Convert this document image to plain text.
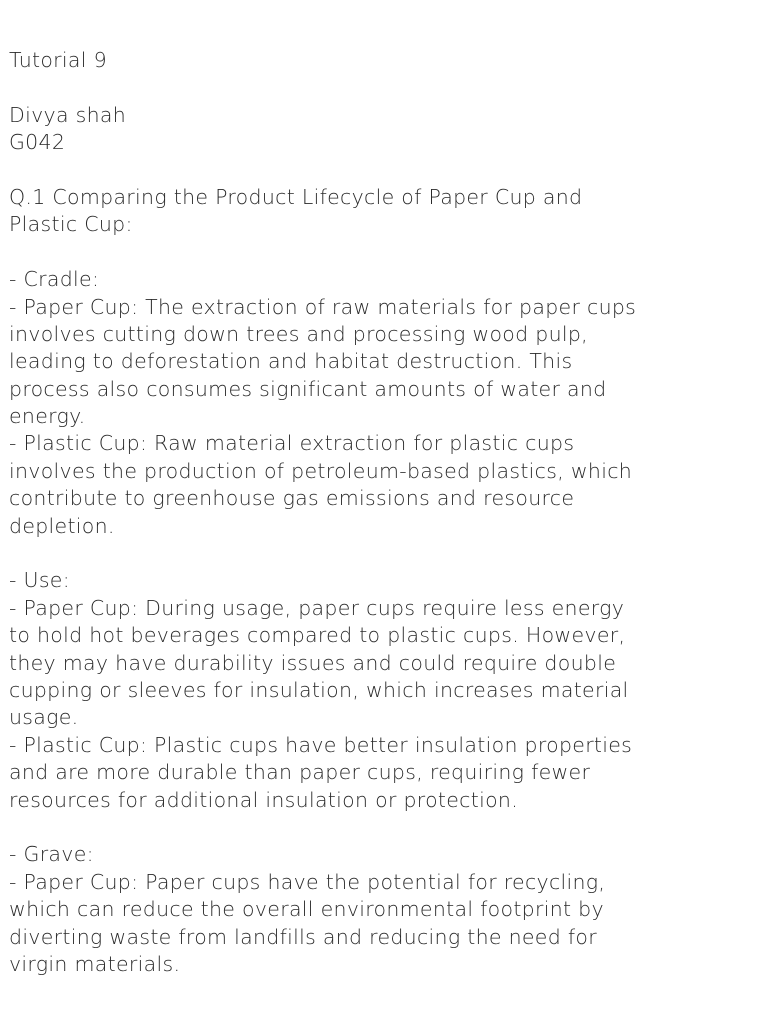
Tutorial 9
Divya shah
G042
Q.1 Comparing the Product Lifecycle of Paper Cup and
Plastic Cup:
- Cradle:
- Paper Cup: The extraction of raw materials for paper cups
involves cutting down trees and processing wood pulp,
leading to deforestation and habitat destruction. This
process also consumes significant amounts of water and
energy.
- Plastic Cup: Raw material extraction for plastic cups
involves the production of petroleum-based plastics, which
contribute to greenhouse gas emissions and resource
depletion.
- Use:
- Paper Cup: During usage, paper cups require less energy
to hold hot beverages compared to plastic cups. However,
they may have durability issues and could require double
cupping or sleeves for insulation, which increases material
usage.
- Plastic Cup: Plastic cups have better insulation properties
and are more durable than paper cups, requiring fewer
resources for additional insulation or protection.
- Grave:
- Paper Cup: Paper cups have the potential for recycling,
which can reduce the overall environmental footprint by
diverting waste from landfills and reducing the need for
virgin materials.
